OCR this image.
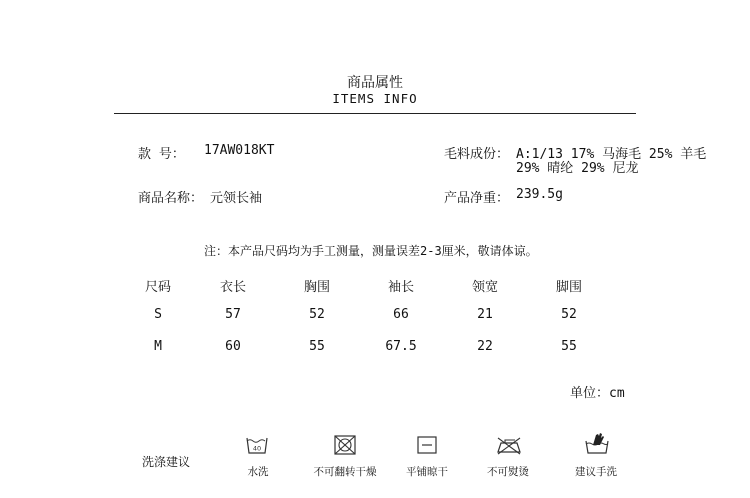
商品属性
ITEMS INFO
款 号： 17AW018KT	毛料成份： A:1/13 17% 马海毛 25% 羊毛
29% 晴纶 29% 尼龙
商品名称： 元领长袖	产品净重： 239.5g
注：本产品尺码均为手工测量，测量误差2-3厘米，敬请体谅。
尺码	衣长	胸围	袖长	领宽	脚围
S	57	52	66	21	52
M	60	55	67.5	22	55
单位：cm
洗涤建议
40
水洗	不可翻转干燥	平铺晾干	不可熨烫	建议手洗
